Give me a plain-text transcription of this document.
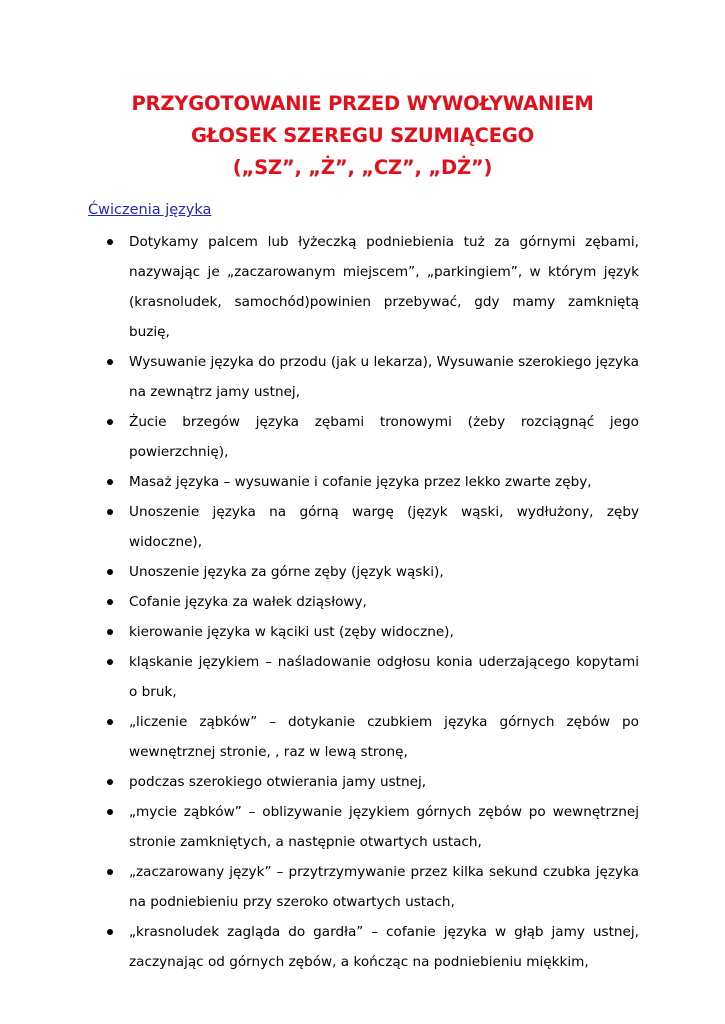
PRZYGOTOWANIE PRZED WYWOŁYWANIEM
GŁOSEK SZEREGU SZUMIĄCEGO
(„SZ”, „Ż”, „CZ”, „DŻ”)
Ćwiczenia języka
Dotykamy palcem lub łyżeczką podniebienia tuż za górnymi zębami, nazywając je „zaczarowanym miejscem”, „parkingiem”, w którym język (krasnoludek, samochód)powinien przebywać, gdy mamy zamkniętą buzię,
Wysuwanie języka do przodu (jak u lekarza), Wysuwanie szerokiego języka na zewnątrz jamy ustnej,
Żucie brzegów języka zębami tronowymi (żeby rozciągnąć jego powierzchnię),
Masaż języka – wysuwanie i cofanie języka przez lekko zwarte zęby,
Unoszenie języka na górną wargę (język wąski, wydłużony, zęby widoczne),
Unoszenie języka za górne zęby (język wąski),
Cofanie języka za wałek dziąsłowy,
kierowanie języka w kąciki ust (zęby widoczne),
kląskanie językiem – naśladowanie odgłosu konia uderzającego kopytami o bruk,
„liczenie ząbków” – dotykanie czubkiem języka górnych zębów po wewnętrznej stronie, , raz w lewą stronę,
podczas szerokiego otwierania jamy ustnej,
„mycie ząbków” – oblizywanie językiem górnych zębów po wewnętrznej stronie zamkniętych, a następnie otwartych ustach,
„zaczarowany język” – przytrzymywanie przez kilka sekund czubka języka na podniebieniu przy szeroko otwartych ustach,
„krasnoludek zagląda do gardła” – cofanie języka w głąb jamy ustnej, zaczynając od górnych zębów, a kończąc na podniebieniu miękkim,
